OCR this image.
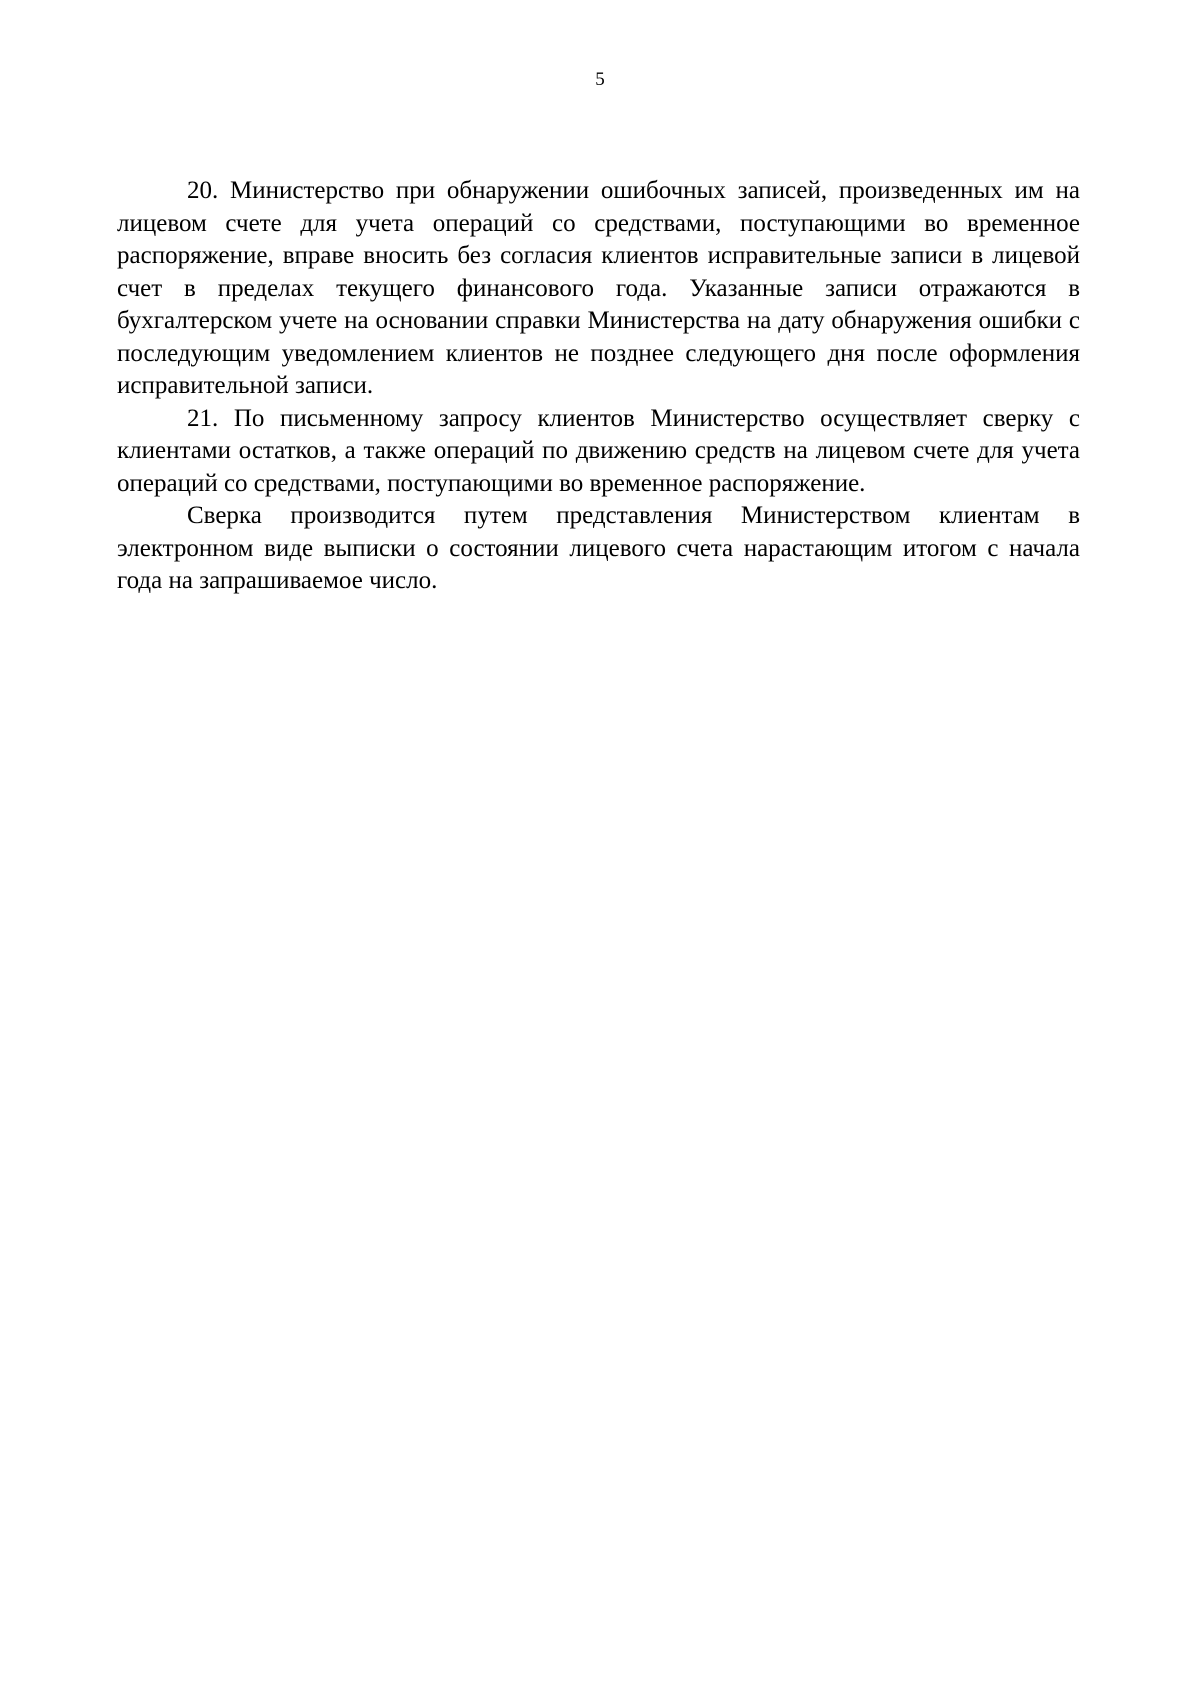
5

20. Министерство при обнаружении ошибочных записей, произведенных им на лицевом счете для учета операций со средствами, поступающими во временное распоряжение, вправе вносить без согласия клиентов исправительные записи в лицевой счет в пределах текущего финансового года. Указанные записи отражаются в бухгалтерском учете на основании справки Министерства на дату обнаружения ошибки с последующим уведомлением клиентов не позднее следующего дня после оформления исправительной записи.

21. По письменному запросу клиентов Министерство осуществляет сверку с клиентами остатков, а также операций по движению средств на лицевом счете для учета операций со средствами, поступающими во временное распоряжение.

Сверка производится путем представления Министерством клиентам в электронном виде выписки о состоянии лицевого счета нарастающим итогом с начала года на запрашиваемое число.
